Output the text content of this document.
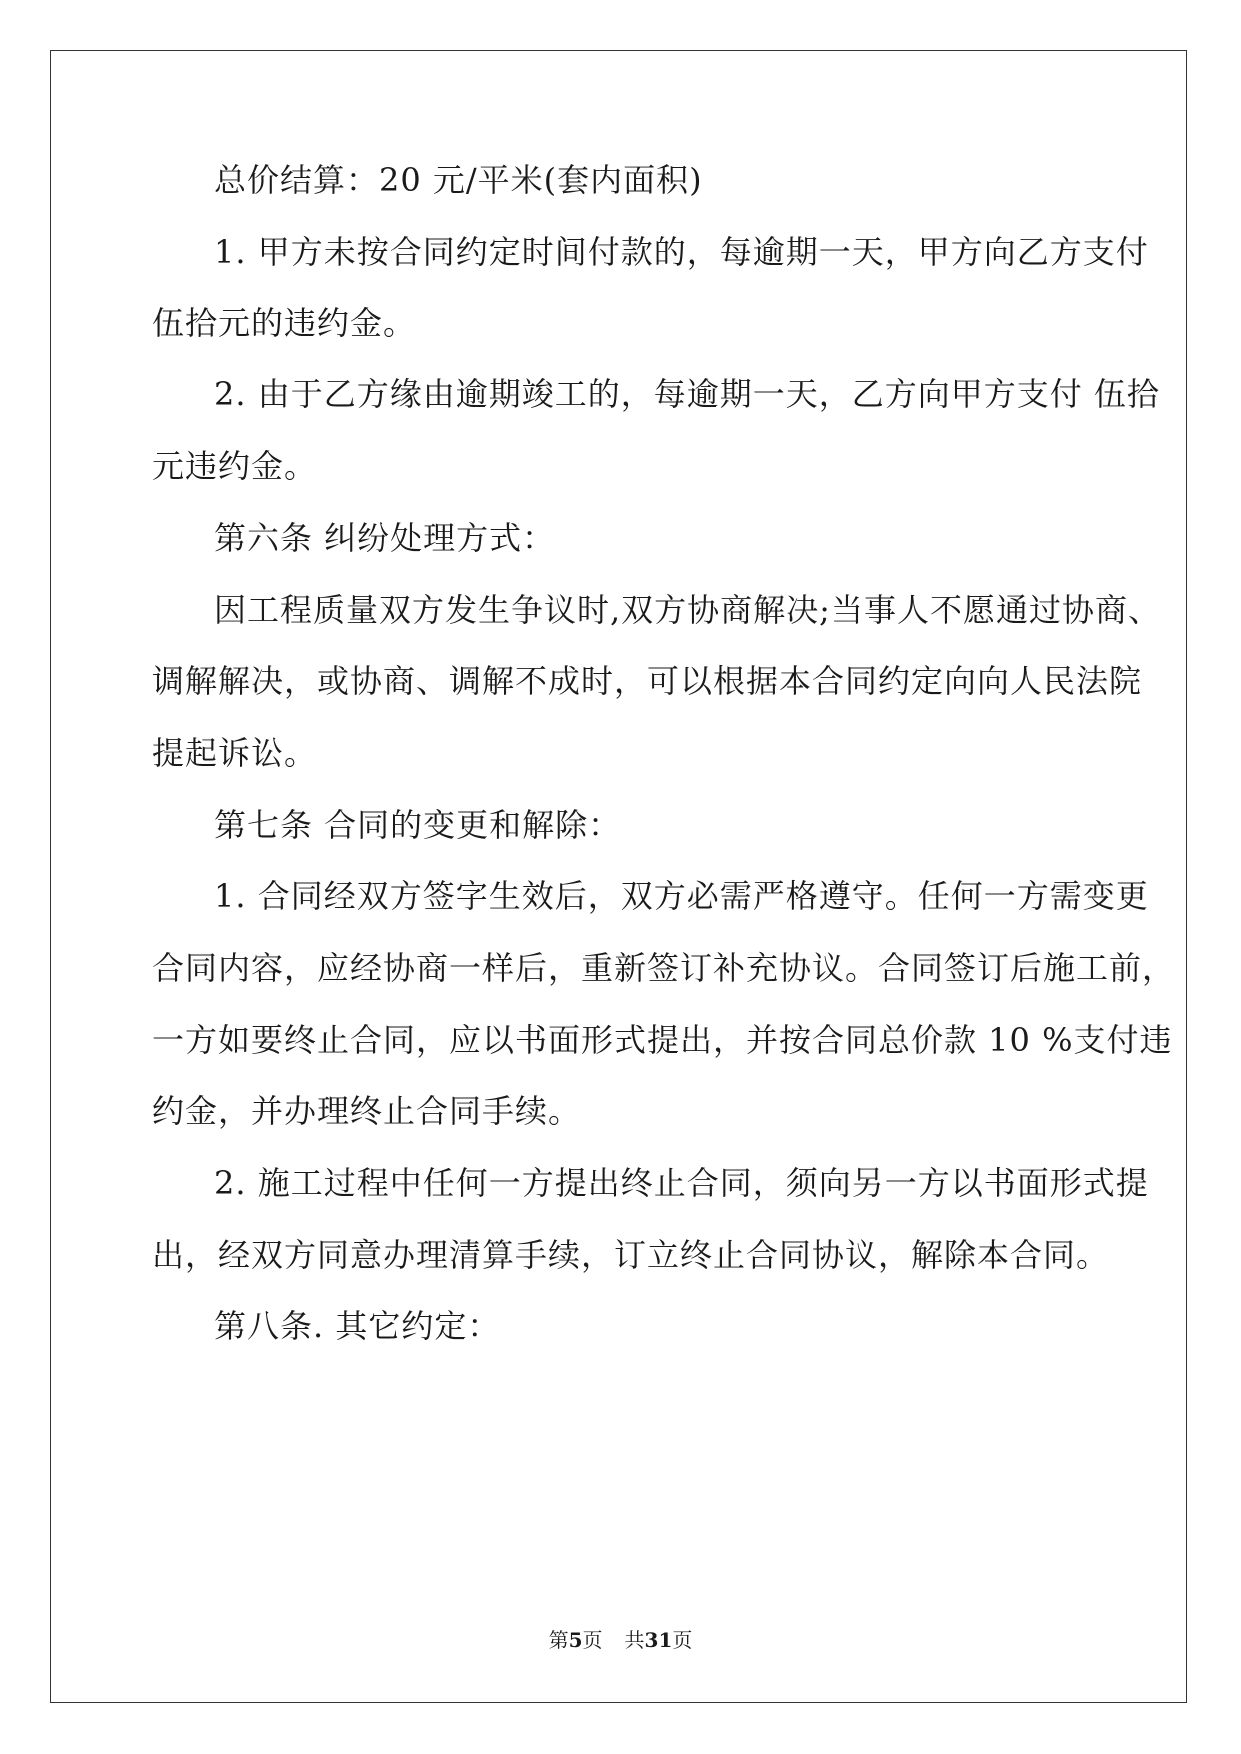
总价结算：20 元/平米(套内面积)
1. 甲方未按合同约定时间付款的，每逾期一天，甲方向乙方支付
伍拾元的违约金。
2. 由于乙方缘由逾期竣工的，每逾期一天，乙方向甲方支付 伍拾
元违约金。
第六条 纠纷处理方式：
因工程质量双方发生争议时,双方协商解决;当事人不愿通过协商、
调解解决，或协商、调解不成时，可以根据本合同约定向向人民法院
提起诉讼。
第七条 合同的变更和解除：
1. 合同经双方签字生效后，双方必需严格遵守。任何一方需变更
合同内容，应经协商一样后，重新签订补充协议。合同签订后施工前，
一方如要终止合同，应以书面形式提出，并按合同总价款 10 %支付违
约金，并办理终止合同手续。
2. 施工过程中任何一方提出终止合同，须向另一方以书面形式提
出，经双方同意办理清算手续，订立终止合同协议，解除本合同。
第八条. 其它约定：
第5页 共31页
